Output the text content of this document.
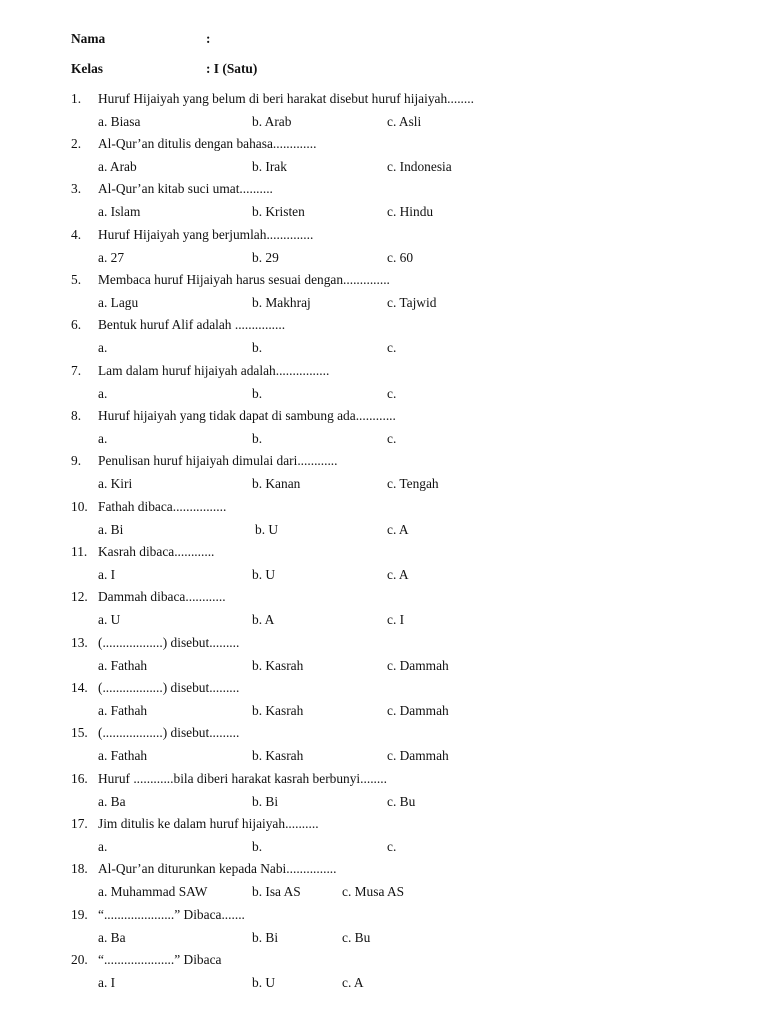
Nama	:
Kelas	: I (Satu)
1. Huruf Hijaiyah yang belum di beri harakat disebut huruf hijaiyah........
a. Biasa	b. Arab	c. Asli
2. Al-Qur’an ditulis dengan bahasa.............
a. Arab	b. Irak	c. Indonesia
3. Al-Qur’an kitab suci umat..........
a. Islam	b. Kristen	c. Hindu
4. Huruf Hijaiyah yang berjumlah..............
a. 27	b. 29	c. 60
5. Membaca huruf Hijaiyah harus sesuai dengan..............
a. Lagu	b. Makhraj	c. Tajwid
6. Bentuk huruf Alif adalah ...............
a.	b.	c.
7. Lam dalam huruf hijaiyah adalah................
a.	b.	c.
8. Huruf hijaiyah yang tidak dapat di sambung ada............
a.	b.	c.
9. Penulisan huruf hijaiyah dimulai dari............
a. Kiri	b. Kanan	c. Tengah
10. Fathah dibaca................
a. Bi	b. U	c. A
11. Kasrah dibaca............
a. I	b. U	c. A
12. Dammah dibaca............
a. U	b. A	c. I
13. (..................) disebut.........
a. Fathah	b. Kasrah	c. Dammah
14. (..................) disebut.........
a. Fathah	b. Kasrah	c. Dammah
15. (..................) disebut.........
a. Fathah	b. Kasrah	c. Dammah
16. Huruf ............bila diberi harakat kasrah berbunyi........
a. Ba	b. Bi	c. Bu
17. Jim ditulis ke dalam huruf hijaiyah..........
a.	b.	c.
18. Al-Qur’an diturunkan kepada Nabi...............
a. Muhammad SAW	b. Isa AS	c. Musa AS
19. “.....................” Dibaca.......
a. Ba	b. Bi	c. Bu
20. “.....................” Dibaca
a. I	b. U	c. A
